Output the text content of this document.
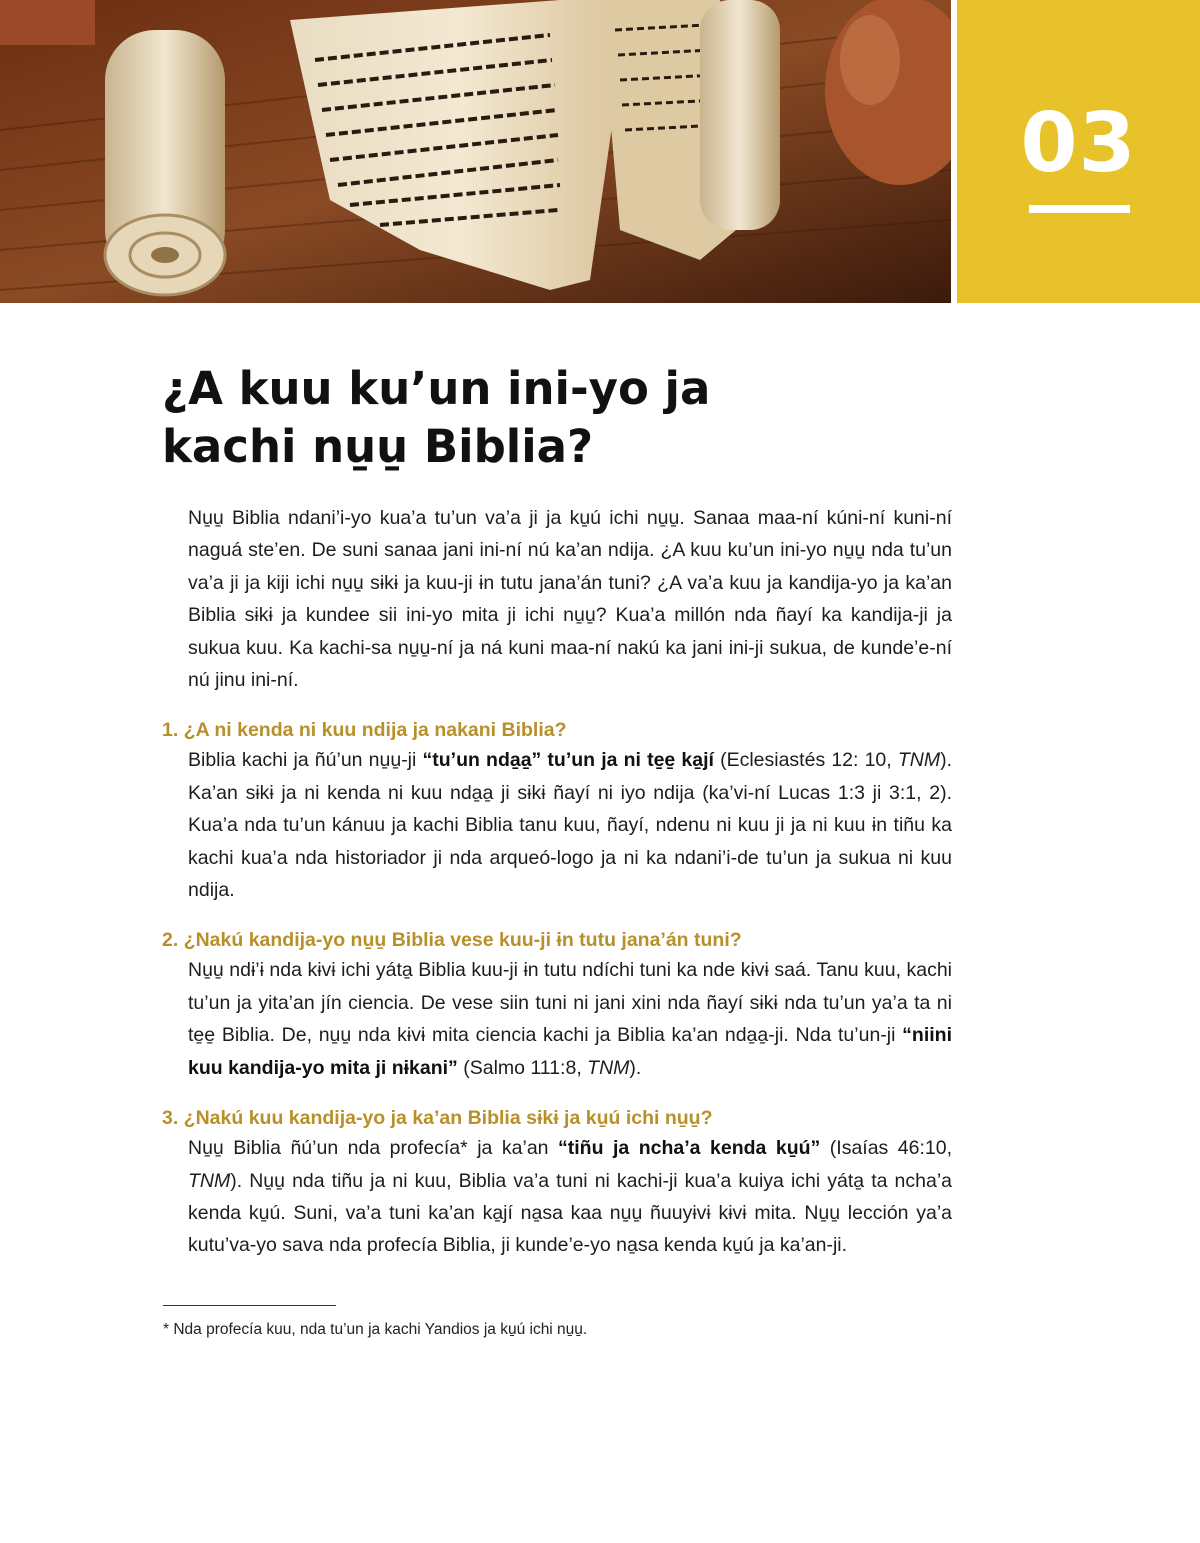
03
¿A kuu ku’un ini-yo ja
kachi nu̱u̱ Biblia?

Nu̱u̱ Biblia ndani’i-yo kua’a tu’un va’a ji ja ku̱ú ichi nu̱u̱. Sanaa maa-ní kúni-ní kuni-ní naguá ste’en. De suni sanaa jani ini-ní nú ka’an ndija. ¿A kuu ku’un ini-yo nu̱u̱ nda tu’un va’a ji ja kiji ichi nu̱u̱ sɨkɨ ja kuu-ji ɨn tutu jana’án tuni? ¿A va’a kuu ja kandija-yo ja ka’an Biblia sɨkɨ ja kundee sii ini-yo mita ji ichi nu̱u̱? Kua’a millón nda ñayí ka kandija-ji ja sukua kuu. Ka kachi-sa nu̱u̱-ní ja ná kuni maa-ní nakú ka jani ini-ji sukua, de kunde’e-ní nú jinu ini-ní.

1. ¿A ni kenda ni kuu ndija ja nakani Biblia?

Biblia kachi ja ñú’un nu̱u̱-ji “tu’un nda̱a̱” tu’un ja ni te̱e̱ ka̱jí (Eclesiastés 12: 10, TNM). Ka’an sɨkɨ ja ni kenda ni kuu nda̱a̱ ji sɨkɨ ñayí ni iyo ndija (ka’vi-ní Lucas 1:3 ji 3:1, 2). Kua’a nda tu’un kánuu ja kachi Biblia tanu kuu, ñayí, ndenu ni kuu ji ja ni kuu ɨn tiñu ka kachi kua’a nda historiador ji nda arqueó-logo ja ni ka ndani’i-de tu’un ja sukua ni kuu ndija.

2. ¿Nakú kandija-yo nu̱u̱ Biblia vese kuu-ji ɨn tutu jana’án tuni?

Nu̱u̱ ndɨ’ɨ nda kɨvɨ ichi yáta̱ Biblia kuu-ji ɨn tutu ndíchi tuni ka nde kɨvɨ saá. Tanu kuu, kachi tu’un ja yita’an jín ciencia. De vese siin tuni ni jani xini nda ñayí sɨkɨ nda tu’un ya’a ta ni te̱e̱ Biblia. De, nu̱u̱ nda kɨvɨ mita ciencia kachi ja Biblia ka’an nda̱a̱-ji. Nda tu’un-ji “niini kuu kandija-yo mita ji nɨkani” (Salmo 111:8, TNM).

3. ¿Nakú kuu kandija-yo ja ka’an Biblia sɨkɨ ja ku̱ú ichi nu̱u̱?

Nu̱u̱ Biblia ñú’un nda profecía* ja ka’an “tiñu ja ncha’a kenda ku̱ú” (Isaías 46:10, TNM). Nu̱u̱ nda tiñu ja ni kuu, Biblia va’a tuni ni kachi-ji kua’a kuiya ichi yáta̱ ta ncha’a kenda ku̱ú. Suni, va’a tuni ka’an ka̱jí na̱sa kaa nu̱u̱ ñuuyɨvɨ kɨvɨ mita. Nu̱u̱ lección ya’a kutu’va-yo sava nda profecía Biblia, ji kunde’e-yo na̱sa kenda ku̱ú ja ka’an-ji.

* Nda profecía kuu, nda tu’un ja kachi Yandios ja ku̱ú ichi nu̱u̱.
